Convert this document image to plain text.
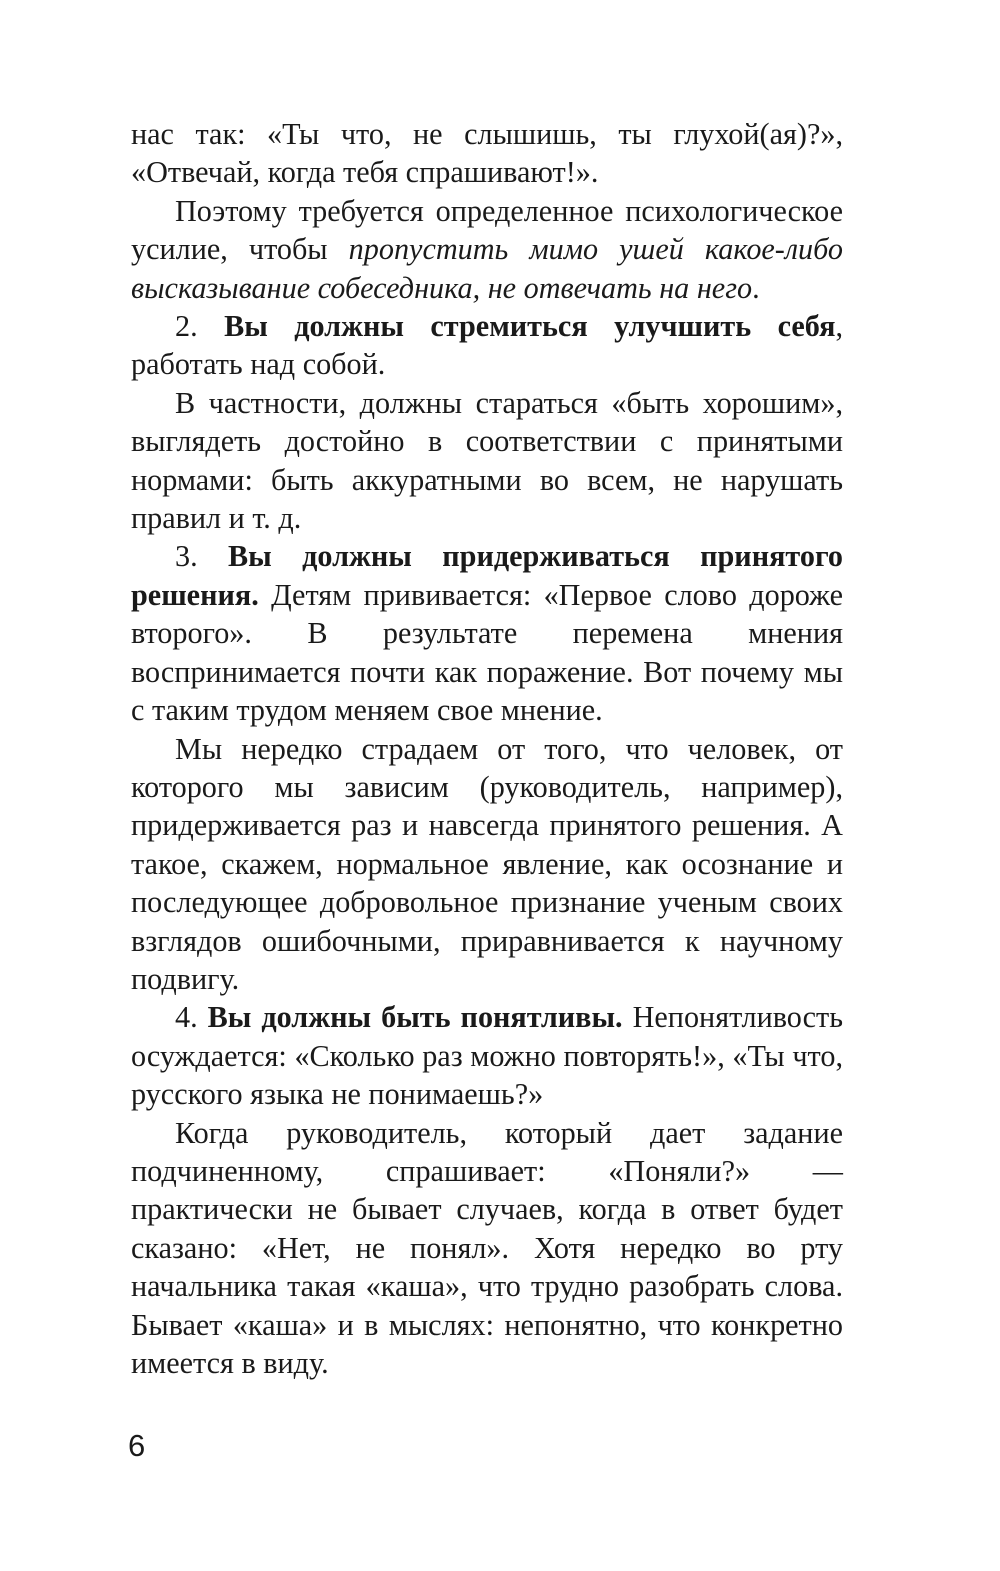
нас так: «Ты что, не слышишь, ты глухой(ая)?», «Отвечай, когда тебя спрашивают!».

Поэтому требуется определенное психологическое усилие, чтобы пропустить мимо ушей какое-либо высказывание собеседника, не отвечать на него.

2. Вы должны стремиться улучшить себя, работать над собой.

В частности, должны стараться «быть хорошим», выглядеть достойно в соответствии с принятыми нормами: быть аккуратными во всем, не нарушать правил и т. д.

3. Вы должны придерживаться принятого решения. Детям прививается: «Первое слово дороже второго». В результате перемена мнения воспринимается почти как поражение. Вот почему мы с таким трудом меняем свое мнение.

Мы нередко страдаем от того, что человек, от которого мы зависим (руководитель, например), придерживается раз и навсегда принятого решения. А такое, скажем, нормальное явление, как осознание и последующее добровольное признание ученым своих взглядов ошибочными, приравнивается к научному подвигу.

4. Вы должны быть понятливы. Непонятливость осуждается: «Сколько раз можно повторять!», «Ты что, русского языка не понимаешь?»

Когда руководитель, который дает задание подчиненному, спрашивает: «Поняли?» — практически не бывает случаев, когда в ответ будет сказано: «Нет, не понял». Хотя нередко во рту начальника такая «каша», что трудно разобрать слова. Бывает «каша» и в мыслях: непонятно, что конкретно имеется в виду.

6
